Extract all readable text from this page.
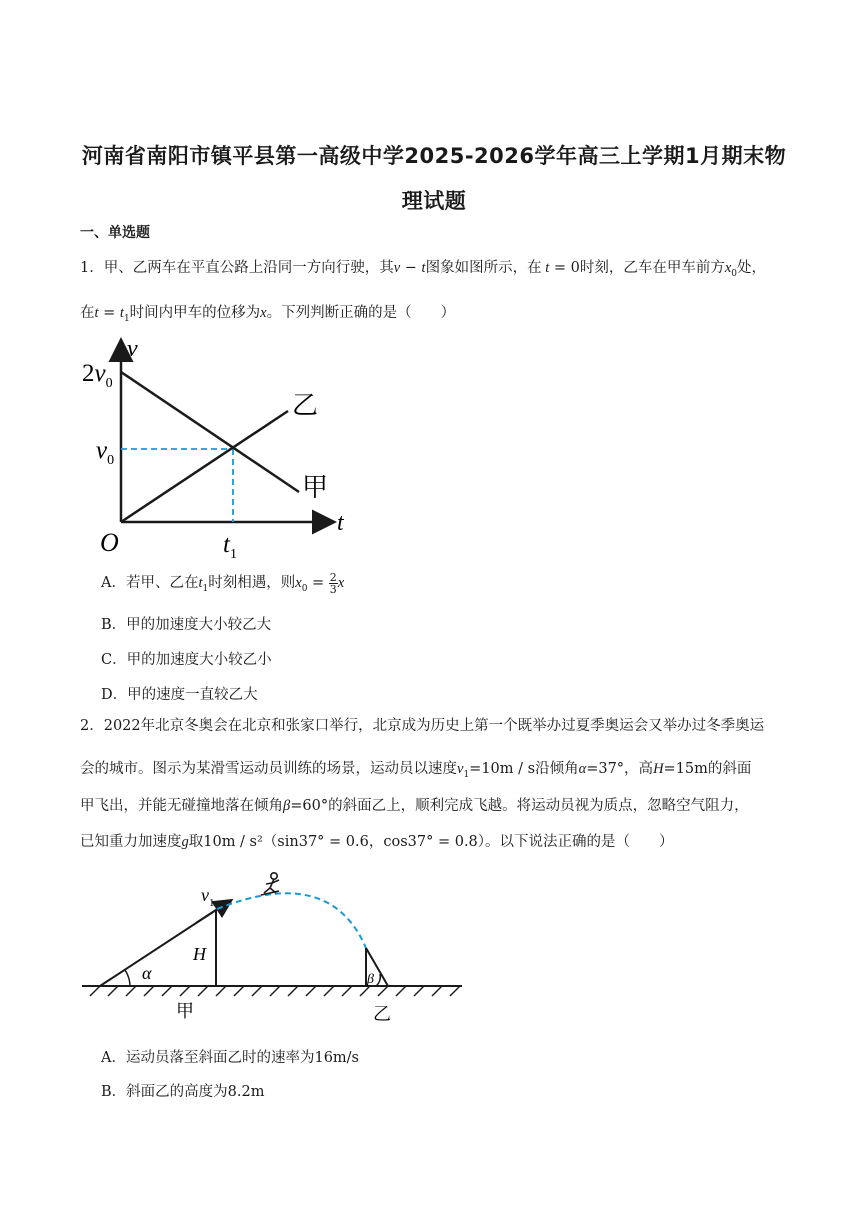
河南省南阳市镇平县第一高级中学2025-2026学年高三上学期1月期末物
理试题
一、单选题
1．甲、乙两车在平直公路上沿同一方向行驶，其v − t图象如图所示，在 t = 0时刻，乙车在甲车前方$x_0$处，
在$t = t_1$时间内甲车的位移为x。下列判断正确的是（　　）
v
t
O
$2v_0$
$v_0$
$t_1$
乙
甲
A．若甲、乙在$t_1$时刻相遇，则$x_0 = \frac{2}{3}$ x
B．甲的加速度大小较乙大
C．甲的加速度大小较乙小
D．甲的速度一直较乙大
2．2022年北京冬奥会在北京和张家口举行，北京成为历史上第一个既举办过夏季奥运会又举办过冬季奥运
会的城市。图示为某滑雪运动员训练的场景，运动员以速度$v_1=10m / s$沿倾角α=37°，高H=15m的斜面
甲飞出，并能无碰撞地落在倾角β=60°的斜面乙上，顺利完成飞越。将运动员视为质点，忽略空气阻力，
已知重力加速度g取10m / s²（sin37° = 0.6，cos37° = 0.8）。以下说法正确的是（　　）
$v_1$
H
α	β
甲	乙
A．运动员落至斜面乙时的速率为16m/s
B．斜面乙的高度为8.2m
